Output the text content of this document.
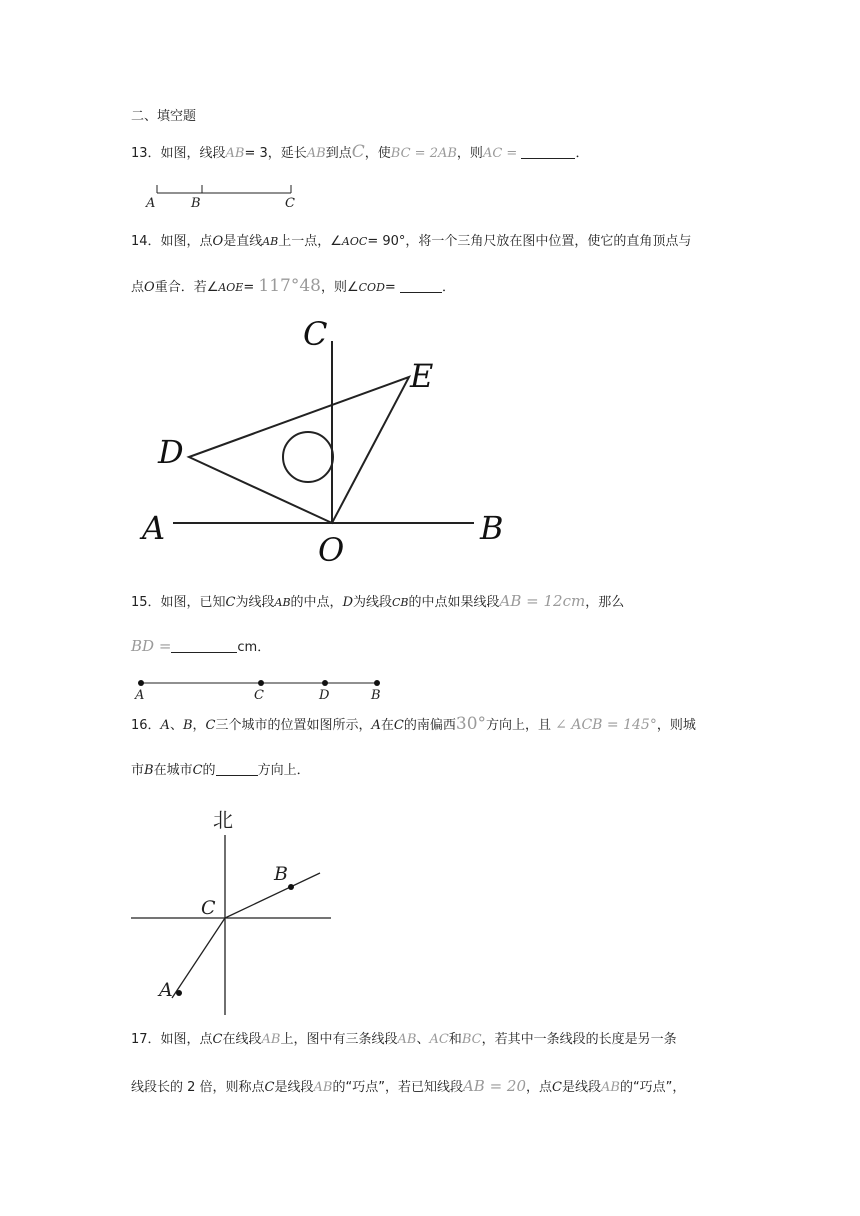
二、填空题
13．如图，线段AB= 3，延长AB到点C，使BC = 2AB，则AC =	．
A	B	C
14．如图，点O是直线AB上一点，∠AOC= 90°，将一个三角尺放在图中位置，使它的直角顶点与
点O重合．若∠AOE= 117°48，则∠COD=	．
C
E
D
A
O
B
15．如图，已知C为线段AB的中点，D为线段CB的中点如果线段AB = 12cm，那么
BD =	cm．
A	C	D	B
16．A、B，C三个城市的位置如图所示，A在C的南偏西30°方向上，且 ∠ ACB = 145°，则城
市B在城市C的	方向上．
北
B
C
A
17．如图，点C在线段AB上，图中有三条线段AB、AC和BC，若其中一条线段的长度是另一条
线段长的 2 倍，则称点C是线段AB的“巧点”，若已知线段AB = 20，点C是线段AB的“巧点”，
